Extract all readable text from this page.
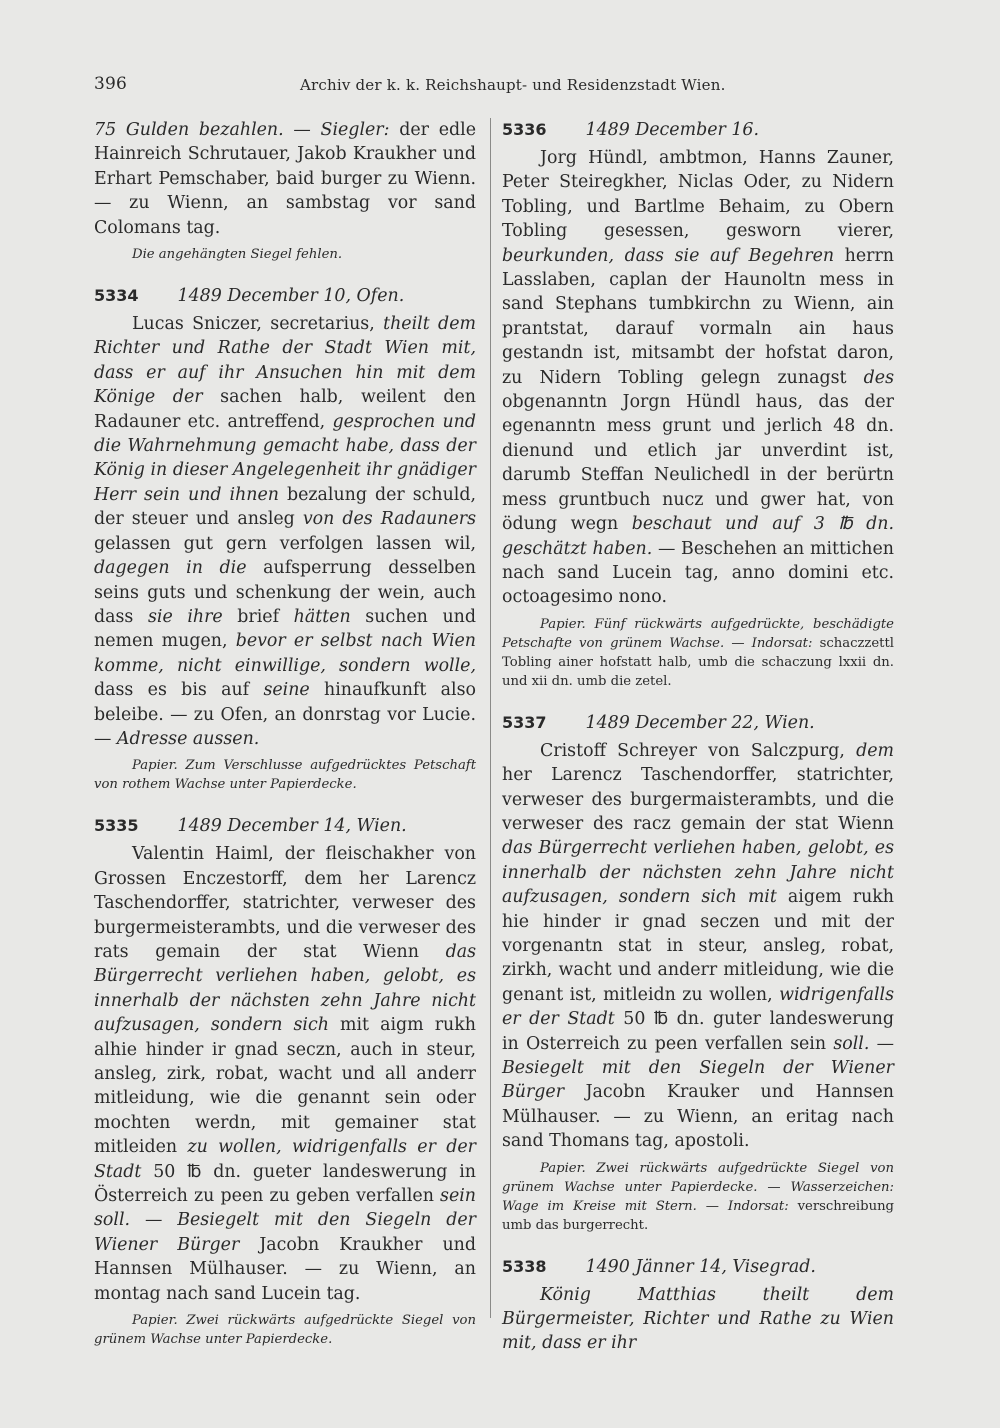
396	Archiv der k. k. Reichshaupt- und Residenzstadt Wien.

75 Gulden bezahlen. — Siegler: der edle Hainreich Schrutauer, Jakob Kraukher und Erhart Pemschaber, baid burger zu Wienn. — zu Wienn, an sambstag vor sand Colomans tag.

Die angehängten Siegel fehlen.

5334 1489 December 10, Ofen.

Lucas Sniczer, secretarius, theilt dem Richter und Rathe der Stadt Wien mit, dass er auf ihr Ansuchen hin mit dem Könige der sachen halb, weilent den Radauner etc. antreffend, gesprochen und die Wahrnehmung gemacht habe, dass der König in dieser Angelegenheit ihr gnädiger Herr sein und ihnen bezalung der schuld, der steuer und ansleg von des Radauners gelassen gut gern verfolgen lassen wil, dagegen in die aufsperrung desselben seins guts und schenkung der wein, auch dass sie ihre brief hätten suchen und nemen mugen, bevor er selbst nach Wien komme, nicht einwillige, sondern wolle, dass es bis auf seine hinaufkunft also beleibe. — zu Ofen, an donrstag vor Lucie. — Adresse aussen.

Papier. Zum Verschlusse aufgedrücktes Petschaft von rothem Wachse unter Papierdecke.

5335 1489 December 14, Wien.

Valentin Haiml, der fleischakher von Grossen Enczestorff, dem her Larencz Taschendorffer, statrichter, verweser des burgermeisterambts, und die verweser des rats gemain der stat Wienn das Bürgerrecht verliehen haben, gelobt, es innerhalb der nächsten zehn Jahre nicht aufzusagen, sondern sich mit aigm rukh alhie hinder ir gnad seczn, auch in steur, ansleg, zirk, robat, wacht und all anderr mitleidung, wie die genannt sein oder mochten werdn, mit gemainer stat mitleiden zu wollen, widrigenfalls er der Stadt 50 ℔ dn. gueter landeswerung in Österreich zu peen zu geben verfallen sein soll. — Besiegelt mit den Siegeln der Wiener Bürger Jacobn Kraukher und Hannsen Mülhauser. — zu Wienn, an montag nach sand Lucein tag.

Papier. Zwei rückwärts aufgedrückte Siegel von grünem Wachse unter Papierdecke.

5336 1489 December 16.

Jorg Hündl, ambtmon, Hanns Zauner, Peter Steiregkher, Niclas Oder, zu Nidern Tobling, und Bartlme Behaim, zu Obern Tobling gesessen, gesworn vierer, beurkunden, dass sie auf Begehren herrn Lasslaben, caplan der Haunoltn mess in sand Stephans tumbkirchn zu Wienn, ain prantstat, darauf vormaln ain haus gestandn ist, mitsambt der hofstat daron, zu Nidern Tobling gelegn zunagst des obgenanntn Jorgn Hündl haus, das der egenanntn mess grunt und jerlich 48 dn. dienund und etlich jar unverdint ist, darumb Steffan Neulichedl in der berürtn mess gruntbuch nucz und gwer hat, von ödung wegn beschaut und auf 3 ℔ dn. geschätzt haben. — Beschehen an mittichen nach sand Lucein tag, anno domini etc. octoagesimo nono.

Papier. Fünf rückwärts aufgedrückte, beschädigte Petschafte von grünem Wachse. — Indorsat: schaczzettl Tobling ainer hofstatt halb, umb die schaczung lxxii dn. und xii dn. umb die zetel.

5337 1489 December 22, Wien.

Cristoff Schreyer von Salczpurg, dem her Larencz Taschendorffer, statrichter, verweser des burgermaisterambts, und die verweser des racz gemain der stat Wienn das Bürgerrecht verliehen haben, gelobt, es innerhalb der nächsten zehn Jahre nicht aufzusagen, sondern sich mit aigem rukh hie hinder ir gnad seczen und mit der vorgenantn stat in steur, ansleg, robat, zirkh, wacht und anderr mitleidung, wie die genant ist, mitleidn zu wollen, widrigenfalls er der Stadt 50 ℔ dn. guter landeswerung in Osterreich zu peen verfallen sein soll. — Besiegelt mit den Siegeln der Wiener Bürger Jacobn Krauker und Hannsen Mülhauser. — zu Wienn, an eritag nach sand Thomans tag, apostoli.

Papier. Zwei rückwärts aufgedrückte Siegel von grünem Wachse unter Papierdecke. — Wasserzeichen: Wage im Kreise mit Stern. — Indorsat: verschreibung umb das burgerrecht.

5338 1490 Jänner 14, Visegrad.

König Matthias theilt dem Bürgermeister, Richter und Rathe zu Wien mit, dass er ihr
